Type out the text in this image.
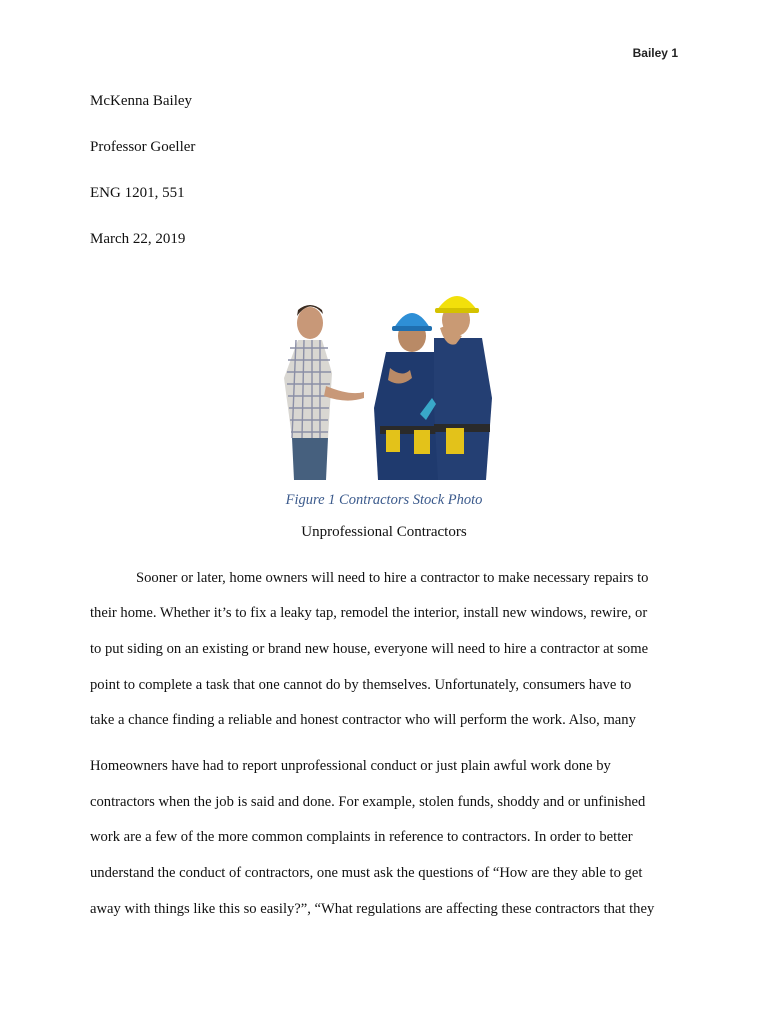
Bailey 1
McKenna Bailey
Professor Goeller
ENG 1201, 551
March 22, 2019
Figure 1 Contractors Stock Photo
Unprofessional Contractors
Sooner or later, home owners will need to hire a contractor to make necessary repairs to
their home. Whether it’s to fix a leaky tap, remodel the interior, install new windows, rewire, or
to put siding on an existing or brand new house, everyone will need to hire a contractor at some
point to complete a task that one cannot do by themselves. Unfortunately, consumers have to
take a chance finding a reliable and honest contractor who will perform the work. Also, many
Homeowners have had to report unprofessional conduct or just plain awful work done by
contractors when the job is said and done. For example, stolen funds, shoddy and or unfinished
work are a few of the more common complaints in reference to contractors. In order to better
understand the conduct of contractors, one must ask the questions of “How are they able to get
away with things like this so easily?”, “What regulations are affecting these contractors that they
